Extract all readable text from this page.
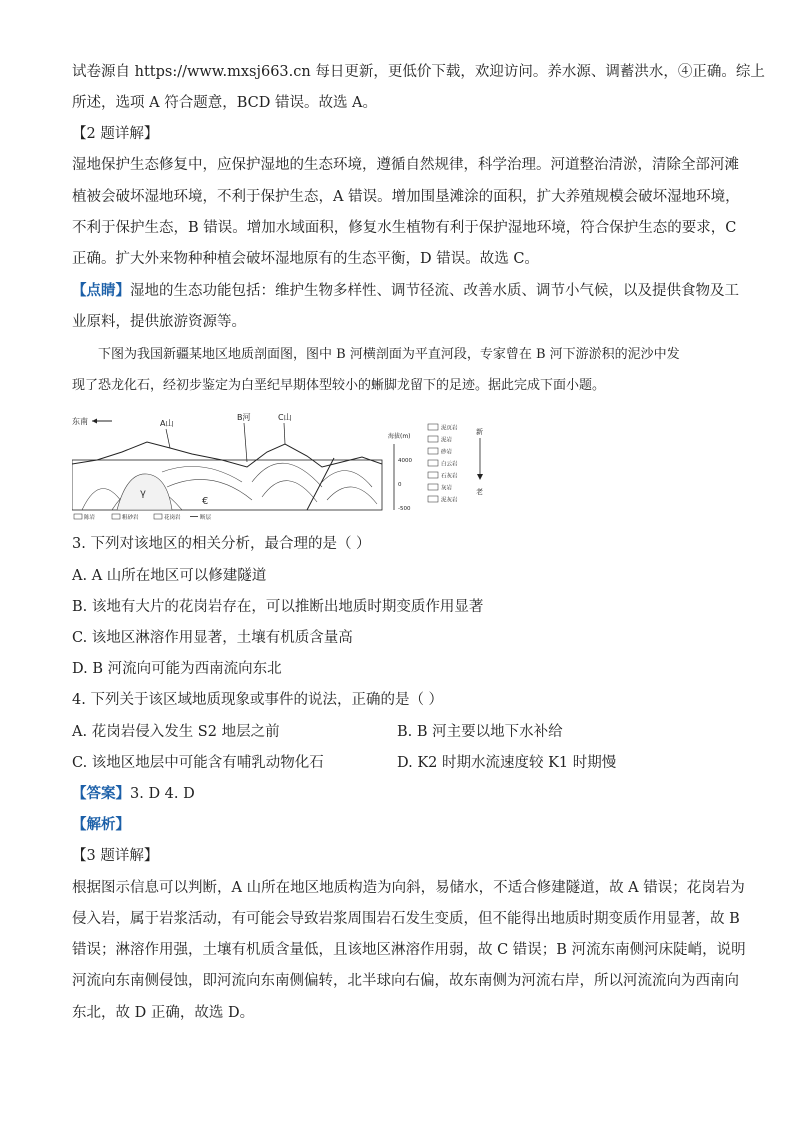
试卷源自 https://www.mxsj663.cn 每日更新，更低价下载，欢迎访问。养水源、调蓄洪水，④正确。综上
所述，选项 A 符合题意，BCD 错误。故选 A。
【2 题详解】
湿地保护生态修复中，应保护湿地的生态环境，遵循自然规律，科学治理。河道整治清淤，清除全部河滩
植被会破坏湿地环境，不利于保护生态，A 错误。增加围垦滩涂的面积，扩大养殖规模会破坏湿地环境，
不利于保护生态，B 错误。增加水域面积，修复水生植物有利于保护湿地环境，符合保护生态的要求，C
正确。扩大外来物种种植会破坏湿地原有的生态平衡，D 错误。故选 C。
【点睛】湿地的生态功能包括：维护生物多样性、调节径流、改善水质、调节小气候，以及提供食物及工
业原料，提供旅游资源等。
下图为我国新疆某地区地质剖面图，图中 B 河横剖面为平直河段，专家曾在 B 河下游淤积的泥沙中发
现了恐龙化石，经初步鉴定为白垩纪早期体型较小的蜥脚龙留下的足迹。据此完成下面小题。
东南	A山
B河	C山
γ
€
海拔(m)
4000
0
-500
泥页岩
泥岩
砂岩
白云岩
石灰岩
灰岩
泥灰岩
新
老
陈岩	粗砂岩	花岗岩	断层
3. 下列对该地区的相关分析，最合理的是（ ）
A. A 山所在地区可以修建隧道
B. 该地有大片的花岗岩存在，可以推断出地质时期变质作用显著
C. 该地区淋溶作用显著，土壤有机质含量高
D. B 河流向可能为西南流向东北
4. 下列关于该区域地质现象或事件的说法，正确的是（ ）
A. 花岗岩侵入发生 S2 地层之前	B. B 河主要以地下水补给
C. 该地区地层中可能含有哺乳动物化石	D. K2 时期水流速度较 K1 时期慢
【答案】3. D 4. D
【解析】
【3 题详解】
根据图示信息可以判断，A 山所在地区地质构造为向斜，易储水，不适合修建隧道，故 A 错误；花岗岩为
侵入岩，属于岩浆活动，有可能会导致岩浆周围岩石发生变质，但不能得出地质时期变质作用显著，故 B
错误；淋溶作用强，土壤有机质含量低，且该地区淋溶作用弱，故 C 错误；B 河流东南侧河床陡峭，说明
河流向东南侧侵蚀，即河流向东南侧偏转，北半球向右偏，故东南侧为河流右岸，所以河流流向为西南向
东北，故 D 正确，故选 D。
